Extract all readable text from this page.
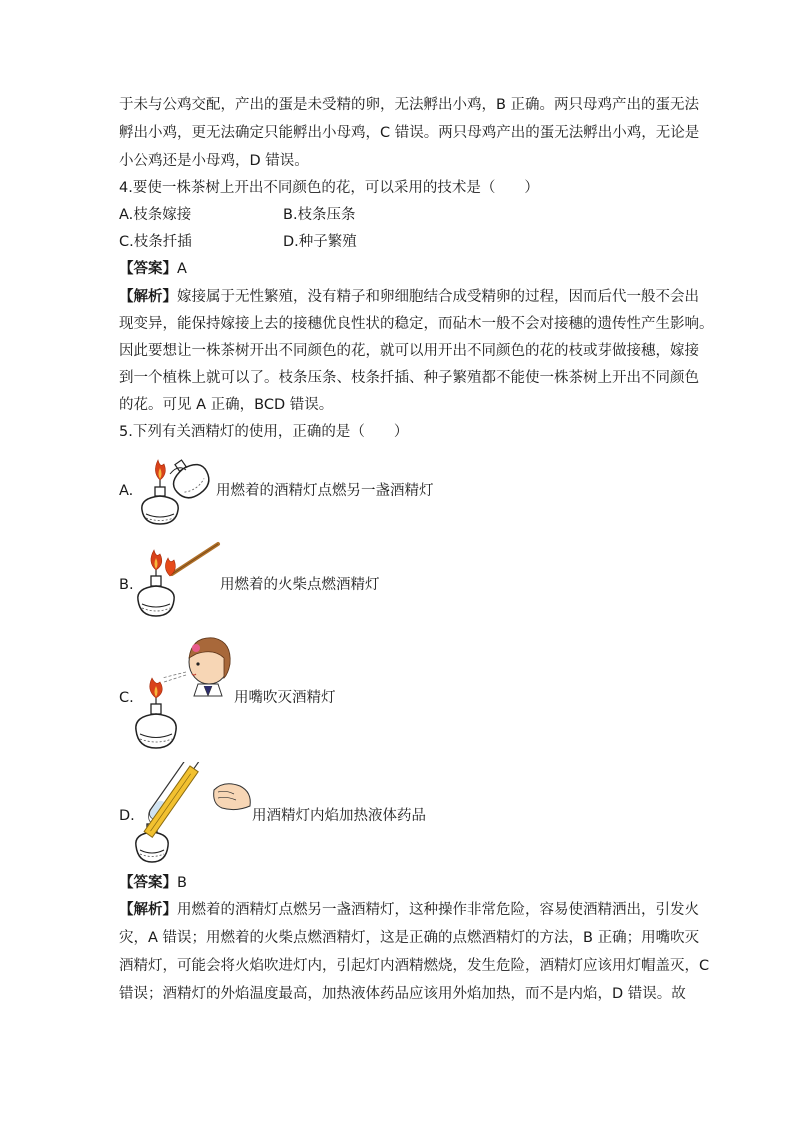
于未与公鸡交配，产出的蛋是未受精的卵，无法孵出小鸡，B 正确。两只母鸡产出的蛋无法
孵出小鸡，更无法确定只能孵出小母鸡，C 错误。两只母鸡产出的蛋无法孵出小鸡，无论是
小公鸡还是小母鸡，D 错误。
4.要使一株茶树上开出不同颜色的花，可以采用的技术是（　　）
A.枝条嫁接	B.枝条压条
C.枝条扦插	D.种子繁殖
【答案】A
【解析】嫁接属于无性繁殖，没有精子和卵细胞结合成受精卵的过程，因而后代一般不会出
现变异，能保持嫁接上去的接穗优良性状的稳定，而砧木一般不会对接穗的遗传性产生影响。
因此要想让一株茶树开出不同颜色的花，就可以用开出不同颜色的花的枝或芽做接穗，嫁接
到一个植株上就可以了。枝条压条、枝条扦插、种子繁殖都不能使一株茶树上开出不同颜色
的花。可见 A 正确，BCD 错误。
5.下列有关酒精灯的使用，正确的是（　　）
A.	用燃着的酒精灯点燃另一盏酒精灯
B.	用燃着的火柴点燃酒精灯
C.	用嘴吹灭酒精灯
D.	用酒精灯内焰加热液体药品
【答案】B
【解析】用燃着的酒精灯点燃另一盏酒精灯，这种操作非常危险，容易使酒精洒出，引发火
灾，A 错误；用燃着的火柴点燃酒精灯，这是正确的点燃酒精灯的方法，B 正确；用嘴吹灭
酒精灯，可能会将火焰吹进灯内，引起灯内酒精燃烧，发生危险，酒精灯应该用灯帽盖灭，C
错误；酒精灯的外焰温度最高，加热液体药品应该用外焰加热，而不是内焰，D 错误。故
